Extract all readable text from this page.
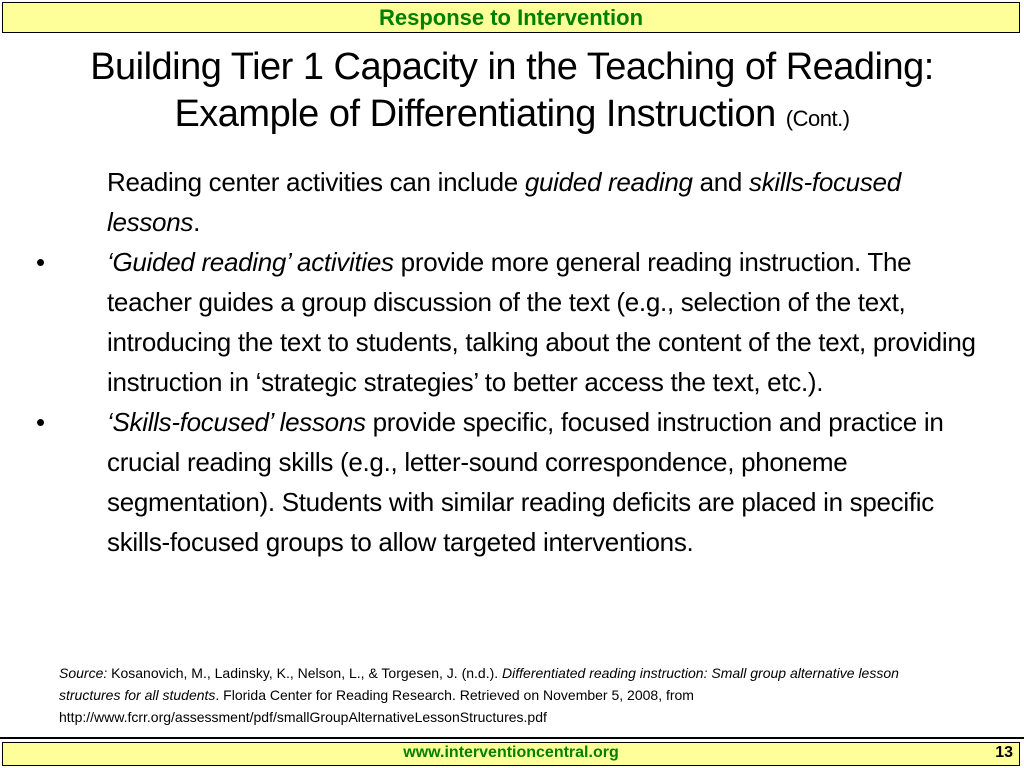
Response to Intervention
Building Tier 1 Capacity in the Teaching of Reading:
Example of Differentiating Instruction (Cont.)
Reading center activities can include guided reading and skills-focused lessons.
•	‘Guided reading’ activities provide more general reading instruction. The teacher guides a group discussion of the text (e.g., selection of the text, introducing the text to students, talking about the content of the text, providing instruction in ‘strategic strategies’ to better access the text, etc.).
•	‘Skills-focused’ lessons provide specific, focused instruction and practice in crucial reading skills (e.g., letter-sound correspondence, phoneme segmentation). Students with similar reading deficits are placed in specific skills-focused groups to allow targeted interventions.
Source: Kosanovich, M., Ladinsky, K., Nelson, L., & Torgesen, J. (n.d.). Differentiated reading instruction: Small group alternative lesson structures for all students. Florida Center for Reading Research. Retrieved on November 5, 2008, from http://www.fcrr.org/assessment/pdf/smallGroupAlternativeLessonStructures.pdf
www.interventioncentral.org	13
